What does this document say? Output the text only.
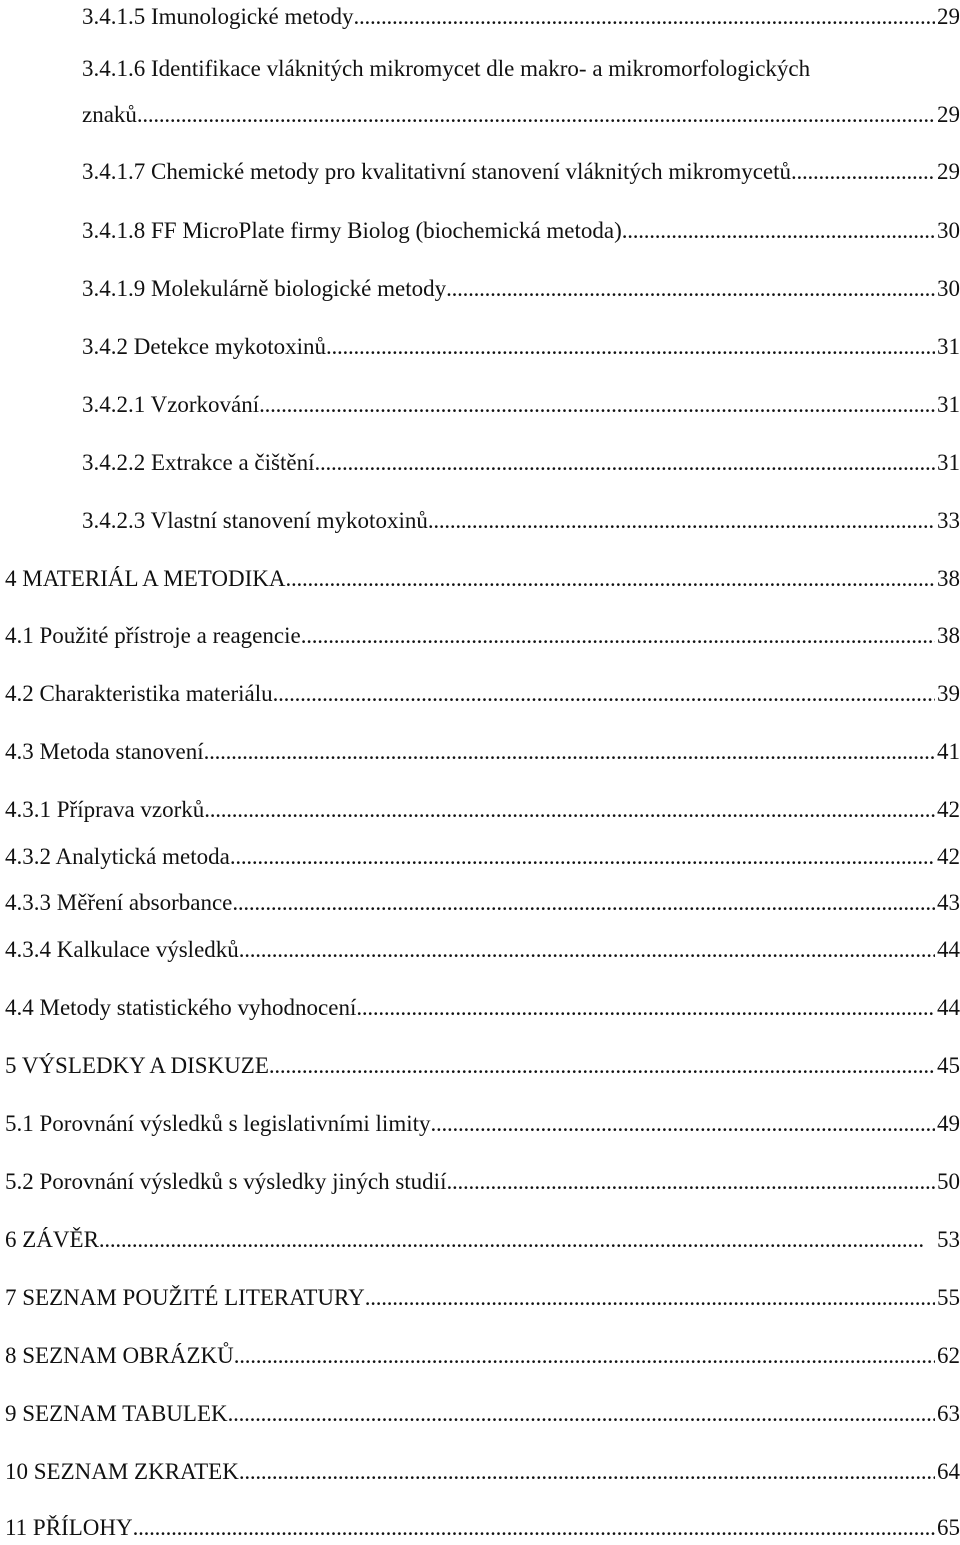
3.4.1.5 Imunologické metody . . .	29
3.4.1.6 Identifikace vláknitých mikromycet dle makro- a mikromorfologických
znaků . . .	29
3.4.1.7 Chemické metody pro kvalitativní stanovení vláknitých mikromycetů . . .	29
3.4.1.8 FF MicroPlate firmy Biolog (biochemická metoda) . . .	30
3.4.1.9 Molekulárně biologické metody . . .	30
3.4.2 Detekce mykotoxinů . . .	31
3.4.2.1 Vzorkování . . .	31
3.4.2.2 Extrakce a čištění . . .	31
3.4.2.3 Vlastní stanovení mykotoxinů . . .	33
4 MATERIÁL A METODIKA . . .	38
4.1 Použité přístroje a reagencie . . .	38
4.2 Charakteristika materiálu . . .	39
4.3 Metoda stanovení . . .	41
4.3.1 Příprava vzorků . . .	42
4.3.2 Analytická metoda . . .	42
4.3.3 Měření absorbance . . .	43
4.3.4 Kalkulace výsledků . . .	44
4.4 Metody statistického vyhodnocení . . .	44
5 VÝSLEDKY A DISKUZE . . .	45
5.1 Porovnání výsledků s legislativními limity . . .	49
5.2 Porovnání výsledků s výsledky jiných studií . . .	50
6 ZÁVĚR . . .	53
7 SEZNAM POUŽITÉ LITERATURY . . .	55
8 SEZNAM OBRÁZKŮ . . .	62
9 SEZNAM TABULEK . . .	63
10 SEZNAM ZKRATEK . . .	64
11 PŘÍLOHY . . .	65
